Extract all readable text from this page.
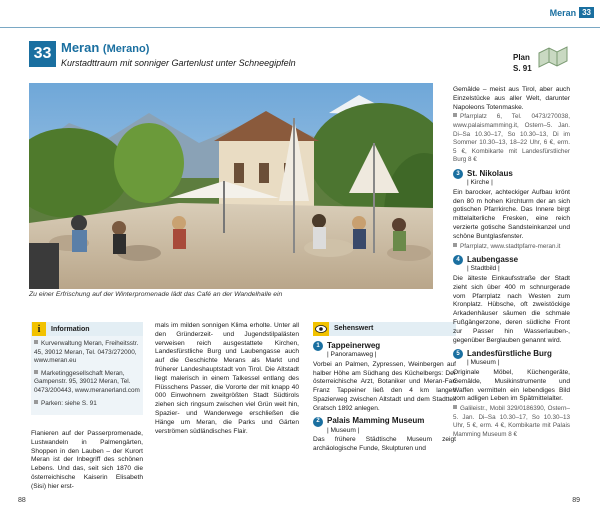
Meran 33
33 Meran (Merano)
Kurstadttraum mit sonniger Gartenlust unter Schneegipfeln
Plan
S. 91
Zu einer Erfrischung auf der Winterpromenade lädt das Café an der Wandelhalle ein
i	Information

Kurverwaltung Meran, Freiheitsstr. 45, 39012 Meran, Tel. 0473/272000, www.meran.eu

Marketinggesellschaft Meran, Gampenstr. 95, 39012 Meran, Tel. 0473/200443, www.meranerland.com

Parken: siehe S. 91

Flanieren auf der Passerpromenade, Lustwandeln in Palmengärten, Shoppen in den Lauben – der Kurort Meran ist der Inbegriff des schönen Lebens. Und das, seit sich 1870 die österreichische Kaiserin Elisabeth (Sisi) hier erst-
mals im milden sonnigen Klima erholte. Unter all den Gründerzeit- und Jugendstilpalästen verweisen reich ausgestattete Kirchen, Landesfürstliche Burg und Laubengasse auch auf die Geschichte Merans als Markt und früherer Landeshauptstadt von Tirol. Die Altstadt liegt malerisch in einem Talkessel entlang des Flüsschens Passer, die Vororte der mit knapp 40 000 Einwohnern zweitgrößten Stadt Südtirols ziehen sich ringsum zwischen viel Grün weit hin, Spazier- und Wanderwege erschließen die Hänge um Meran, die Parks und Gärten verströmen südländisches Flair.
Sehenswert
1 Tappeinerweg
| Panoramaweg |
Vorbei an Palmen, Zypressen, Weinbergen auf halber Höhe am Südhang des Küchelbergs: Der österreichische Arzt, Botaniker und Meran-Fan Franz Tappeiner ließ den 4 km langen Spazierweg zwischen Altstadt und dem Stadtteil Gratsch 1892 anlegen.
2 Palais Mamming Museum
| Museum |
Das frühere Städtische Museum zeigt archäologische Funde, Skulpturen und
Gemälde – meist aus Tirol, aber auch Einzelstücke aus aller Welt, darunter Napoleons Totenmaske.
Pfarrplatz 6, Tel. 0473/270038, www.palaismamming.it, Ostern–5. Jan. Di–Sa 10.30–17, So 10.30–13, Di im Sommer 10.30–13, 18–22 Uhr, 6 €, erm. 5 €, Kombikarte mit Landesfürstlicher Burg 8 €
3 St. Nikolaus
| Kirche |
Ein barocker, achteckiger Aufbau krönt den 80 m hohen Kirchturm der an sich gotischen Pfarrkirche. Das Innere birgt mittelalterliche Fresken, eine reich verzierte gotische Sandsteinkanzel und schöne Buntglasfenster.
Pfarrplatz, www.stadtpfarre-meran.it
4 Laubengasse
| Stadtbild |
Die älteste Einkaufsstraße der Stadt zieht sich über 400 m schnurgerade vom Pfarrplatz nach Westen zum Kronplatz. Hübsche, oft zweistöckige Arkadenhäuser säumen die schmale Fußgängerzone, deren südliche Front zur Passer hin Wasserlauben-, gegenüber Berglauben genannt wird.
5 Landesfürstliche Burg
| Museum |
Originale Möbel, Küchengeräte, Gemälde, Musikinstrumente und Waffen vermitteln ein lebendiges Bild vom adligen Leben im Spätmittelalter.
Galileistr., Mobil 329/0186390, Ostern–5. Jan. Di–Sa 10.30–17, So 10.30–13 Uhr, 5 €, erm. 4 €, Kombikarte mit Palais Mamming Museum 8 €
88	89
